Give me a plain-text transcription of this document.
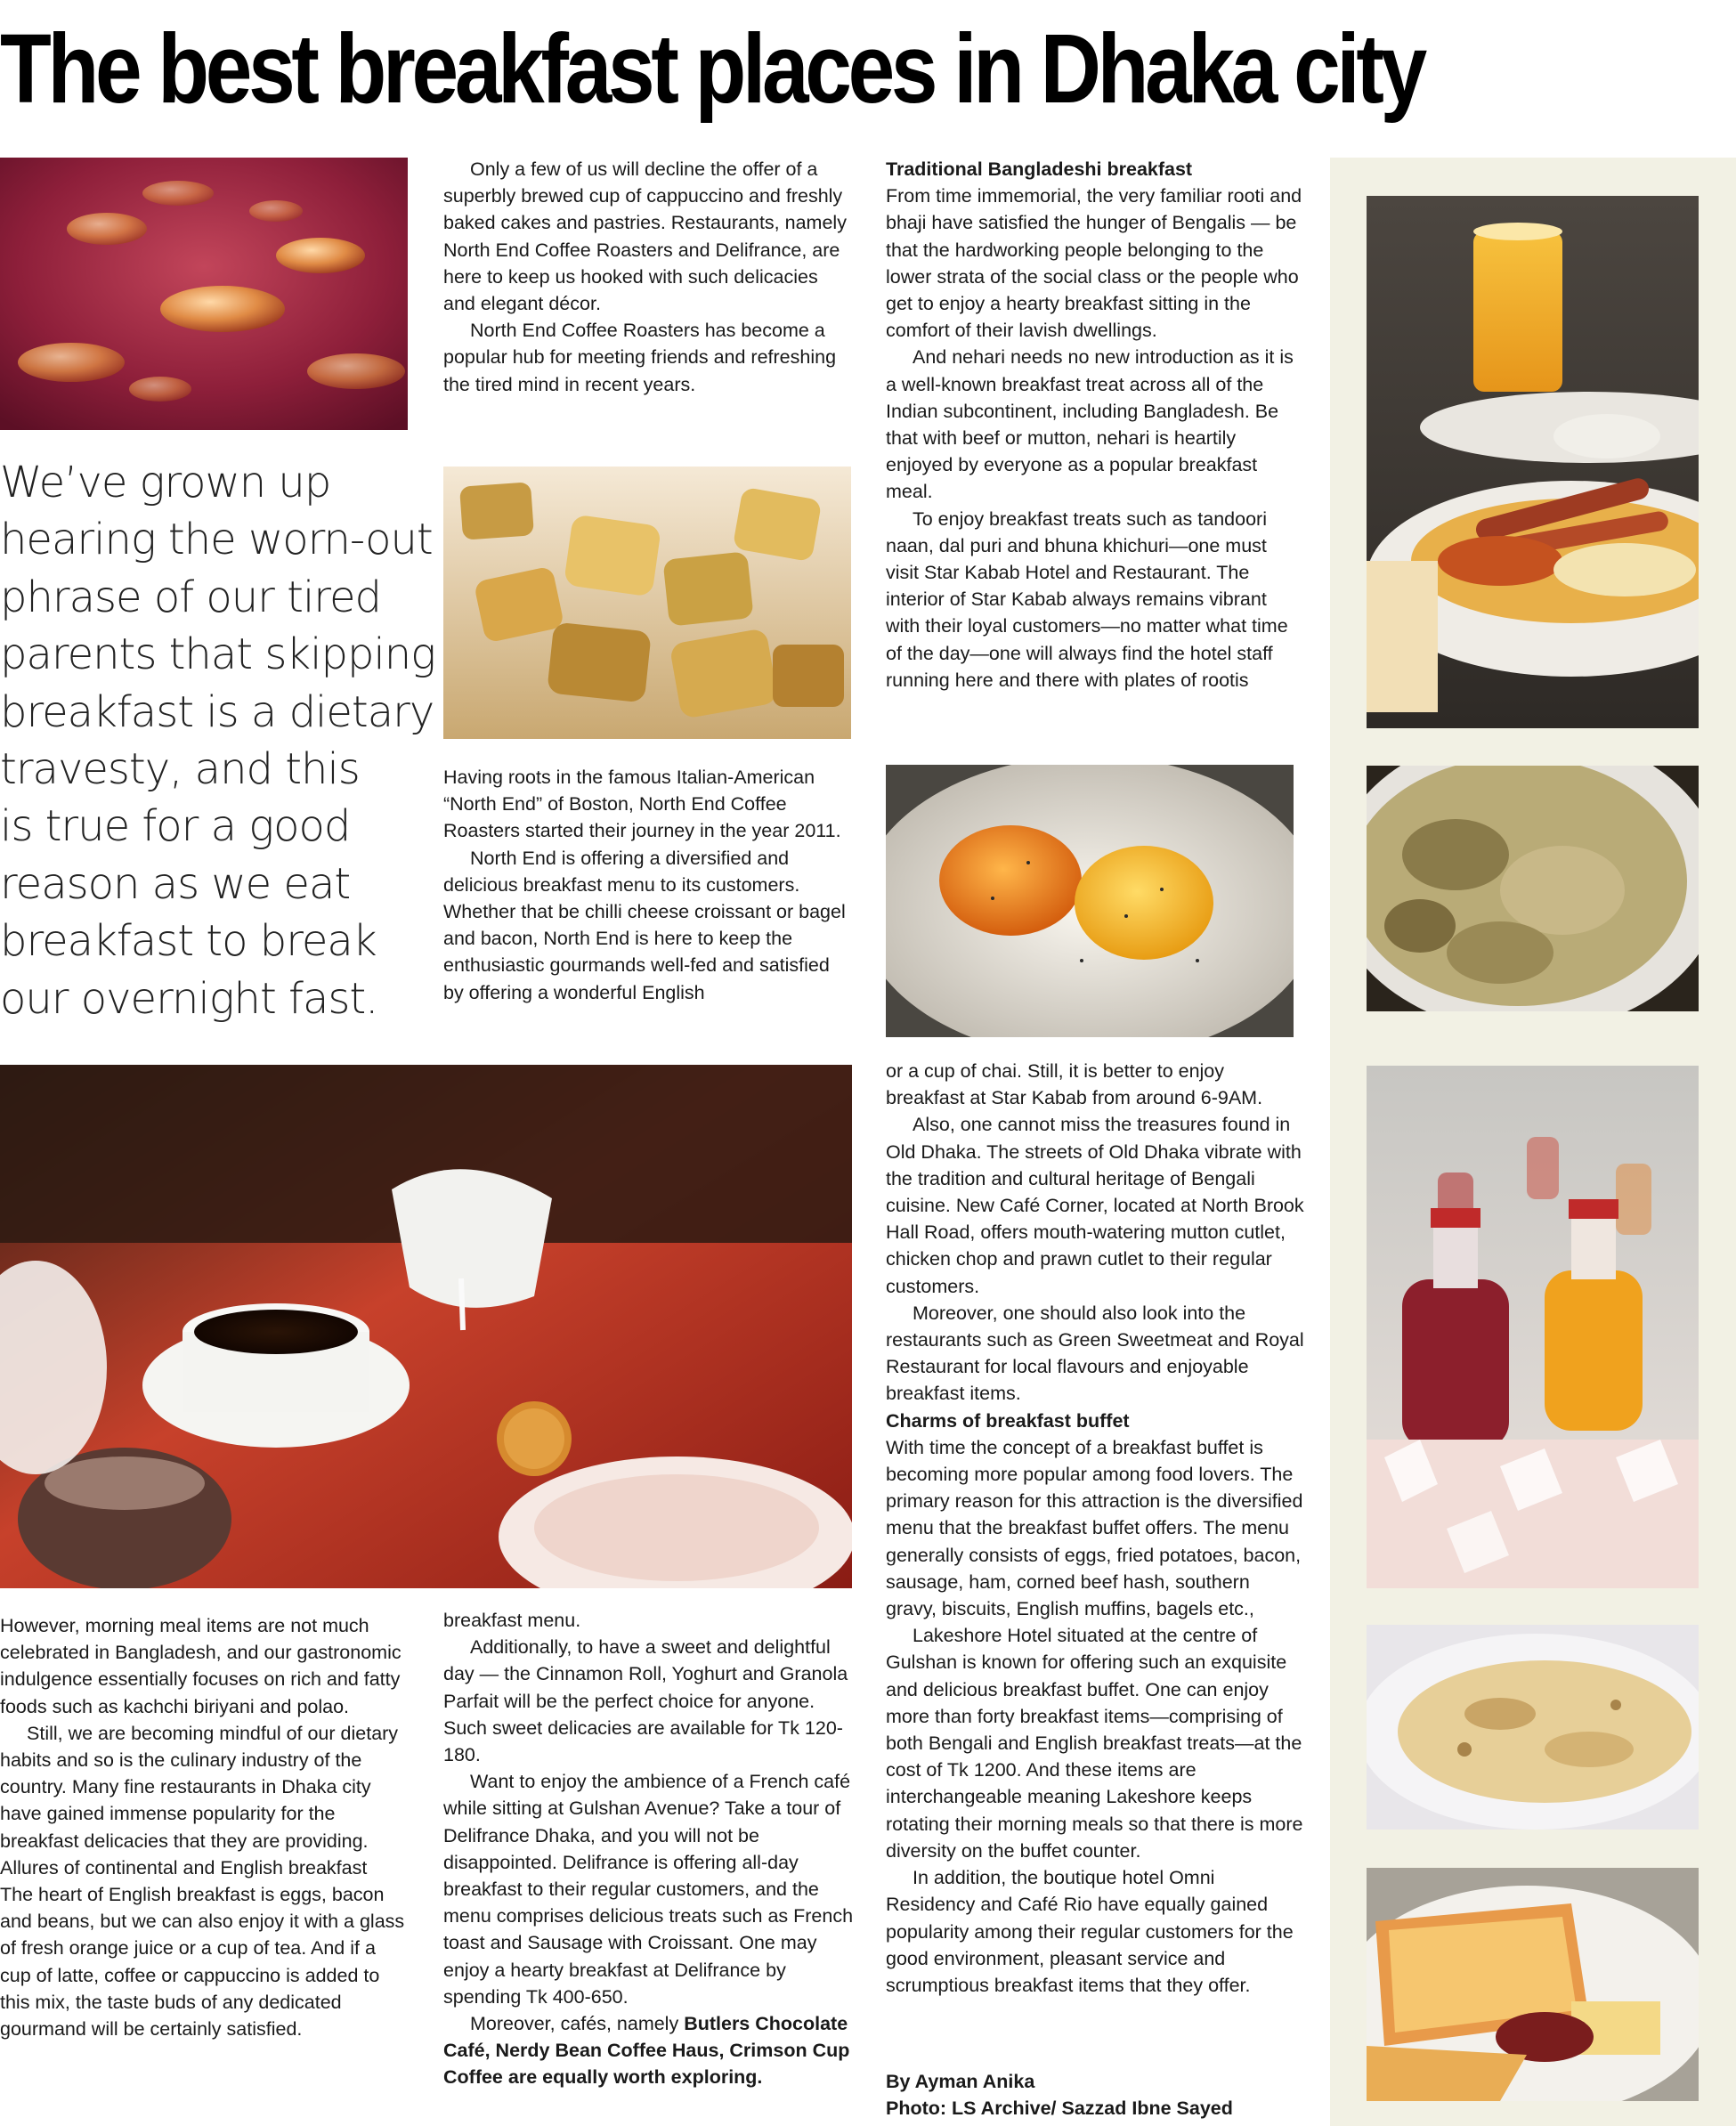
The best breakfast places in Dhaka city
We’ve grown up
hearing the worn-out
phrase of our tired
parents that skipping
breakfast is a dietary
travesty, and this
is true for a good
reason as we eat
breakfast to break
our overnight fast.

Only a few of us will decline the offer of a superbly brewed cup of cappuccino and freshly baked cakes and pastries. Restaurants, namely North End Coffee Roasters and Delifrance, are here to keep us hooked with such delicacies and elegant décor.

North End Coffee Roasters has become a popular hub for meeting friends and refreshing the tired mind in recent years.

Having roots in the famous Italian-American “North End” of Boston, North End Coffee Roasters started their journey in the year 2011.

North End is offering a diversified and delicious breakfast menu to its customers. Whether that be chilli cheese croissant or bagel and bacon, North End is here to keep the enthusiastic gourmands well-fed and satisfied by offering a wonderful English

However, morning meal items are not much celebrated in Bangladesh, and our gastronomic indulgence essentially focuses on rich and fatty foods such as kachchi biriyani and polao.

Still, we are becoming mindful of our dietary habits and so is the culinary industry of the country. Many fine restaurants in Dhaka city have gained immense popularity for the breakfast delicacies that they are providing.

Allures of continental and English breakfast

The heart of English breakfast is eggs, bacon and beans, but we can also enjoy it with a glass of fresh orange juice or a cup of tea. And if a cup of latte, coffee or cappuccino is added to this mix, the taste buds of any dedicated gourmand will be certainly satisfied.

breakfast menu.

Additionally, to have a sweet and delightful day — the Cinnamon Roll, Yoghurt and Granola Parfait will be the perfect choice for anyone. Such sweet delicacies are available for Tk 120-180.

Want to enjoy the ambience of a French café while sitting at Gulshan Avenue? Take a tour of Delifrance Dhaka, and you will not be disappointed. Delifrance is offering all-day breakfast to their regular customers, and the menu comprises delicious treats such as French toast and Sausage with Croissant. One may enjoy a hearty breakfast at Delifrance by spending Tk 400-650.

Moreover, cafés, namely Butlers Chocolate Café, Nerdy Bean Coffee Haus, Crimson Cup Coffee are equally worth exploring.

Traditional Bangladeshi breakfast

From time immemorial, the very familiar rooti and bhaji have satisfied the hunger of Bengalis — be that the hardworking people belonging to the lower strata of the social class or the people who get to enjoy a hearty breakfast sitting in the comfort of their lavish dwellings.

And nehari needs no new introduction as it is a well-known breakfast treat across all of the Indian subcontinent, including Bangladesh. Be that with beef or mutton, nehari is heartily enjoyed by everyone as a popular breakfast meal.

To enjoy breakfast treats such as tandoori naan, dal puri and bhuna khichuri—one must visit Star Kabab Hotel and Restaurant. The interior of Star Kabab always remains vibrant with their loyal customers—no matter what time of the day—one will always find the hotel staff running here and there with plates of rootis

or a cup of chai. Still, it is better to enjoy breakfast at Star Kabab from around 6-9AM.

Also, one cannot miss the treasures found in Old Dhaka. The streets of Old Dhaka vibrate with the tradition and cultural heritage of Bengali cuisine. New Café Corner, located at North Brook Hall Road, offers mouth-watering mutton cutlet, chicken chop and prawn cutlet to their regular customers.

Moreover, one should also look into the restaurants such as Green Sweetmeat and Royal Restaurant for local flavours and enjoyable breakfast items.

Charms of breakfast buffet

With time the concept of a breakfast buffet is becoming more popular among food lovers. The primary reason for this attraction is the diversified menu that the breakfast buffet offers. The menu generally consists of eggs, fried potatoes, bacon, sausage, ham, corned beef hash, southern gravy, biscuits, English muffins, bagels etc.,

Lakeshore Hotel situated at the centre of Gulshan is known for offering such an exquisite and delicious breakfast buffet. One can enjoy more than forty breakfast items—comprising of both Bengali and English breakfast treats—at the cost of Tk 1200. And these items are interchangeable meaning Lakeshore keeps rotating their morning meals so that there is more diversity on the buffet counter.

In addition, the boutique hotel Omni Residency and Café Rio have equally gained popularity among their regular customers for the good environment, pleasant service and scrumptious breakfast items that they offer.

By Ayman Anika

Photo: LS Archive/ Sazzad Ibne Sayed
